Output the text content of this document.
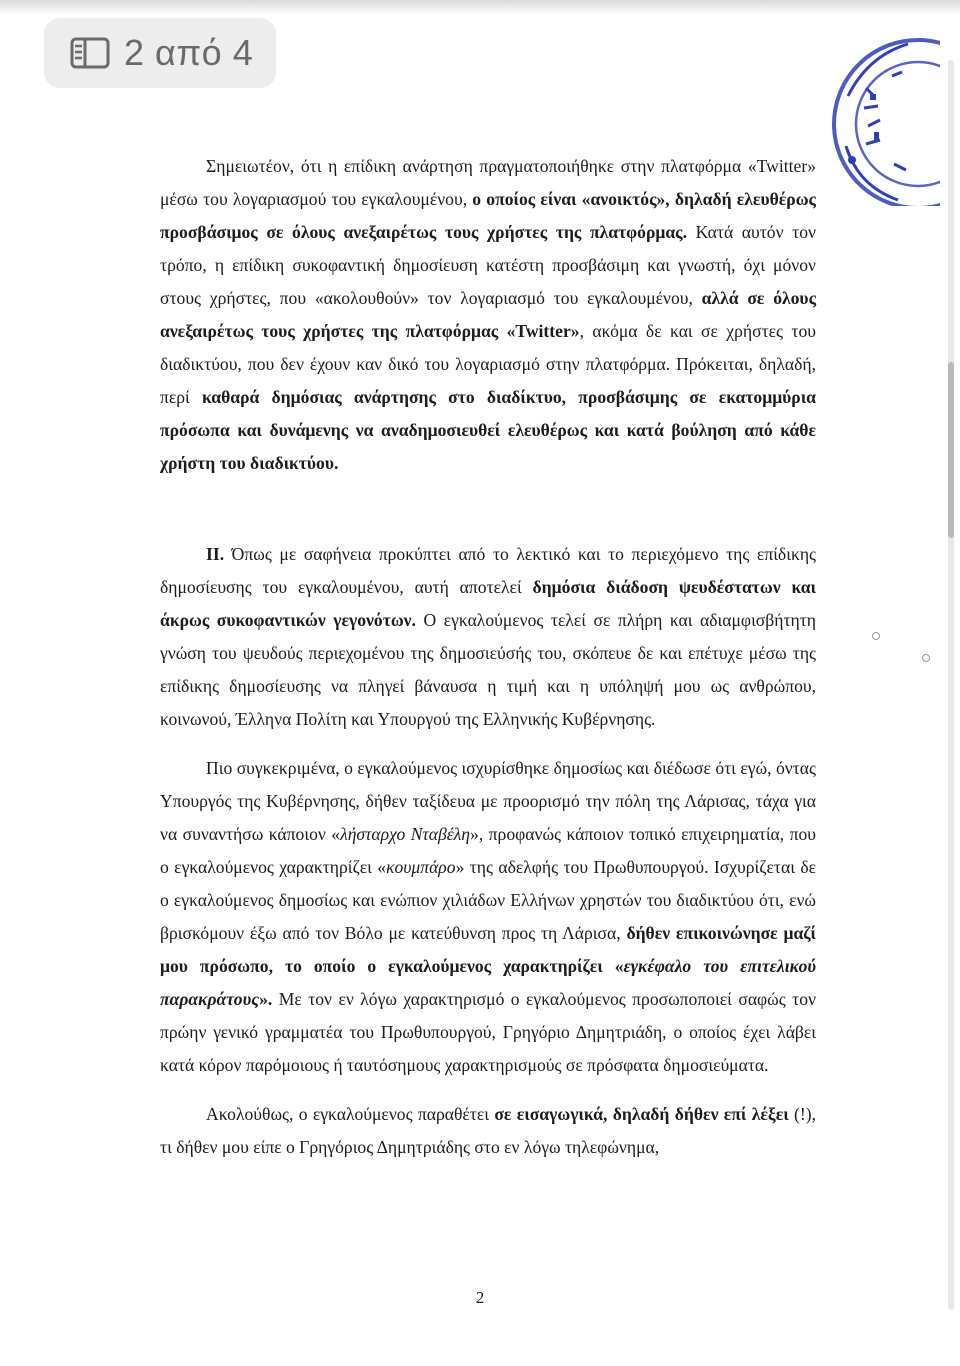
2 από 4

Σημειωτέον, ότι η επίδικη ανάρτηση πραγματοποιήθηκε στην πλατφόρμα «Twitter» μέσω του λογαριασμού του εγκαλουμένου, ο οποίος είναι «ανοικτός», δηλαδή ελευθέρως προσβάσιμος σε όλους ανεξαιρέτως τους χρήστες της πλατφόρμας. Κατά αυτόν τον τρόπο, η επίδικη συκοφαντική δημοσίευση κατέστη προσβάσιμη και γνωστή, όχι μόνον στους χρήστες, που «ακολουθούν» τον λογαριασμό του εγκαλουμένου, αλλά σε όλους ανεξαιρέτως τους χρήστες της πλατφόρμας «Twitter», ακόμα δε και σε χρήστες του διαδικτύου, που δεν έχουν καν δικό του λογαριασμό στην πλατφόρμα. Πρόκειται, δηλαδή, περί καθαρά δημόσιας ανάρτησης στο διαδίκτυο, προσβάσιμης σε εκατομμύρια πρόσωπα και δυνάμενης να αναδημοσιευθεί ελευθέρως και κατά βούληση από κάθε χρήστη του διαδικτύου.

ΙΙ. Όπως με σαφήνεια προκύπτει από το λεκτικό και το περιεχόμενο της επίδικης δημοσίευσης του εγκαλουμένου, αυτή αποτελεί δημόσια διάδοση ψευδέστατων και άκρως συκοφαντικών γεγονότων. Ο εγκαλούμενος τελεί σε πλήρη και αδιαμφισβήτητη γνώση του ψευδούς περιεχομένου της δημοσιεύσής του, σκόπευε δε και επέτυχε μέσω της επίδικης δημοσίευσης να πληγεί βάναυσα η τιμή και η υπόληψή μου ως ανθρώπου, κοινωνού, Έλληνα Πολίτη και Υπουργού της Ελληνικής Κυβέρνησης.

Πιο συγκεκριμένα, ο εγκαλούμενος ισχυρίσθηκε δημοσίως και διέδωσε ότι εγώ, όντας Υπουργός της Κυβέρνησης, δήθεν ταξίδευα με προορισμό την πόλη της Λάρισας, τάχα για να συναντήσω κάποιον «λήσταρχο Νταβέλη», προφανώς κάποιον τοπικό επιχειρηματία, που ο εγκαλούμενος χαρακτηρίζει «κουμπάρο» της αδελφής του Πρωθυπουργού. Ισχυρίζεται δε ο εγκαλούμενος δημοσίως και ενώπιον χιλιάδων Ελλήνων χρηστών του διαδικτύου ότι, ενώ βρισκόμουν έξω από τον Βόλο με κατεύθυνση προς τη Λάρισα, δήθεν επικοινώνησε μαζί μου πρόσωπο, το οποίο ο εγκαλούμενος χαρακτηρίζει «εγκέφαλο του επιτελικού παρακράτους». Με τον εν λόγω χαρακτηρισμό ο εγκαλούμενος προσωποποιεί σαφώς τον πρώην γενικό γραμματέα του Πρωθυπουργού, Γρηγόριο Δημητριάδη, ο οποίος έχει λάβει κατά κόρον παρόμοιους ή ταυτόσημους χαρακτηρισμούς σε πρόσφατα δημοσιεύματα.

Ακολούθως, ο εγκαλούμενος παραθέτει σε εισαγωγικά, δηλαδή δήθεν επί λέξει (!), τι δήθεν μου είπε ο Γρηγόριος Δημητριάδης στο εν λόγω τηλεφώνημα,

2
